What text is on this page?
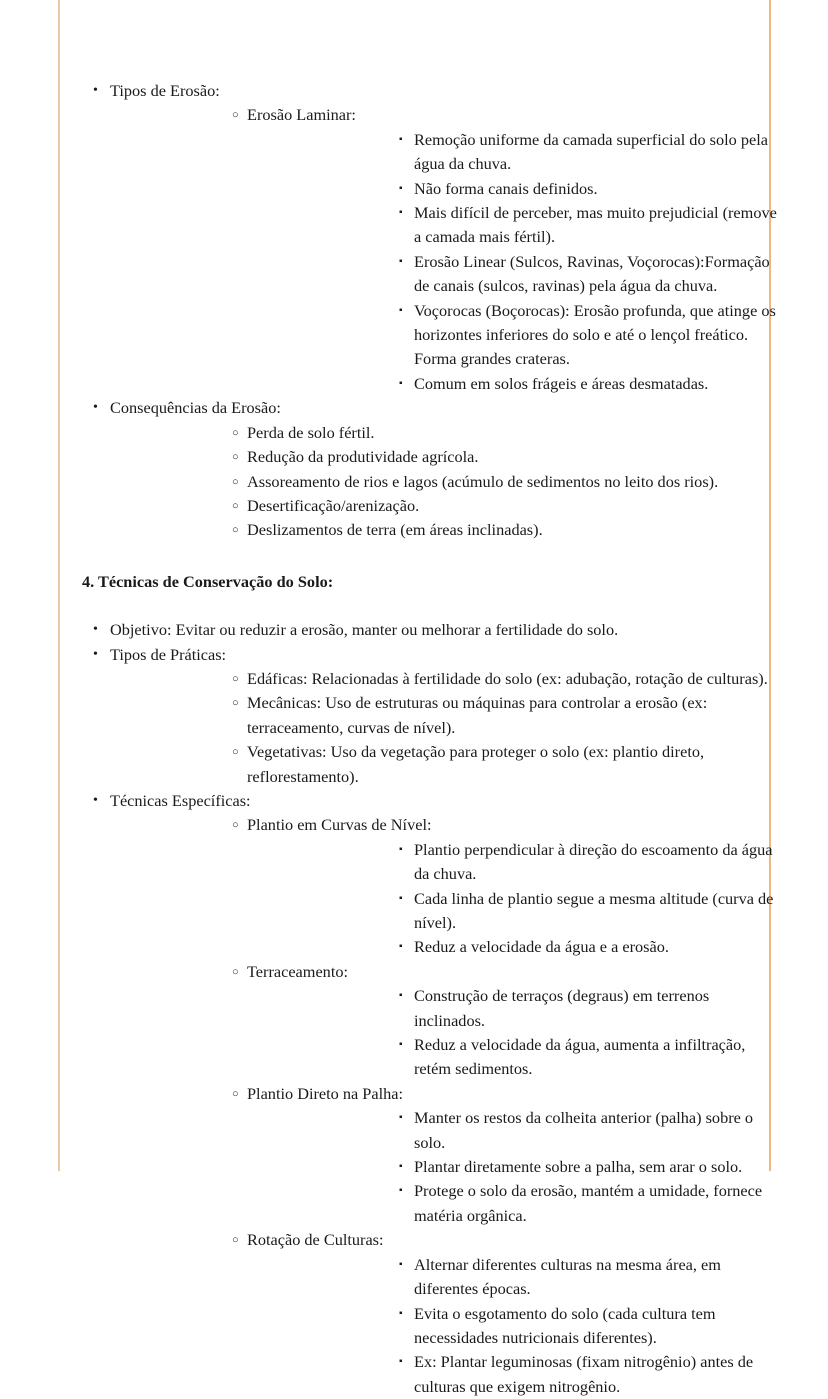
• Tipos de Erosão:
○ Erosão Laminar:
▪ Remoção uniforme da camada superficial do solo pela água da chuva.
▪ Não forma canais definidos.
▪ Mais difícil de perceber, mas muito prejudicial (remove a camada mais fértil).
▪ Erosão Linear (Sulcos, Ravinas, Voçorocas):Formação de canais (sulcos, ravinas) pela água da chuva.
▪ Voçorocas (Boçorocas): Erosão profunda, que atinge os horizontes inferiores do solo e até o lençol freático. Forma grandes crateras.
▪ Comum em solos frágeis e áreas desmatadas.
• Consequências da Erosão:
○ Perda de solo fértil.
○ Redução da produtividade agrícola.
○ Assoreamento de rios e lagos (acúmulo de sedimentos no leito dos rios).
○ Desertificação/arenização.
○ Deslizamentos de terra (em áreas inclinadas).
4. Técnicas de Conservação do Solo:
• Objetivo: Evitar ou reduzir a erosão, manter ou melhorar a fertilidade do solo.
• Tipos de Práticas:
○ Edáficas: Relacionadas à fertilidade do solo (ex: adubação, rotação de culturas).
○ Mecânicas: Uso de estruturas ou máquinas para controlar a erosão (ex: terraceamento, curvas de nível).
○ Vegetativas: Uso da vegetação para proteger o solo (ex: plantio direto, reflorestamento).
• Técnicas Específicas:
○ Plantio em Curvas de Nível:
▪ Plantio perpendicular à direção do escoamento da água da chuva.
▪ Cada linha de plantio segue a mesma altitude (curva de nível).
▪ Reduz a velocidade da água e a erosão.
○ Terraceamento:
▪ Construção de terraços (degraus) em terrenos inclinados.
▪ Reduz a velocidade da água, aumenta a infiltração, retém sedimentos.
○ Plantio Direto na Palha:
▪ Manter os restos da colheita anterior (palha) sobre o solo.
▪ Plantar diretamente sobre a palha, sem arar o solo.
▪ Protege o solo da erosão, mantém a umidade, fornece matéria orgânica.
○ Rotação de Culturas:
▪ Alternar diferentes culturas na mesma área, em diferentes épocas.
▪ Evita o esgotamento do solo (cada cultura tem necessidades nutricionais diferentes).
▪ Ex: Plantar leguminosas (fixam nitrogênio) antes de culturas que exigem nitrogênio.
